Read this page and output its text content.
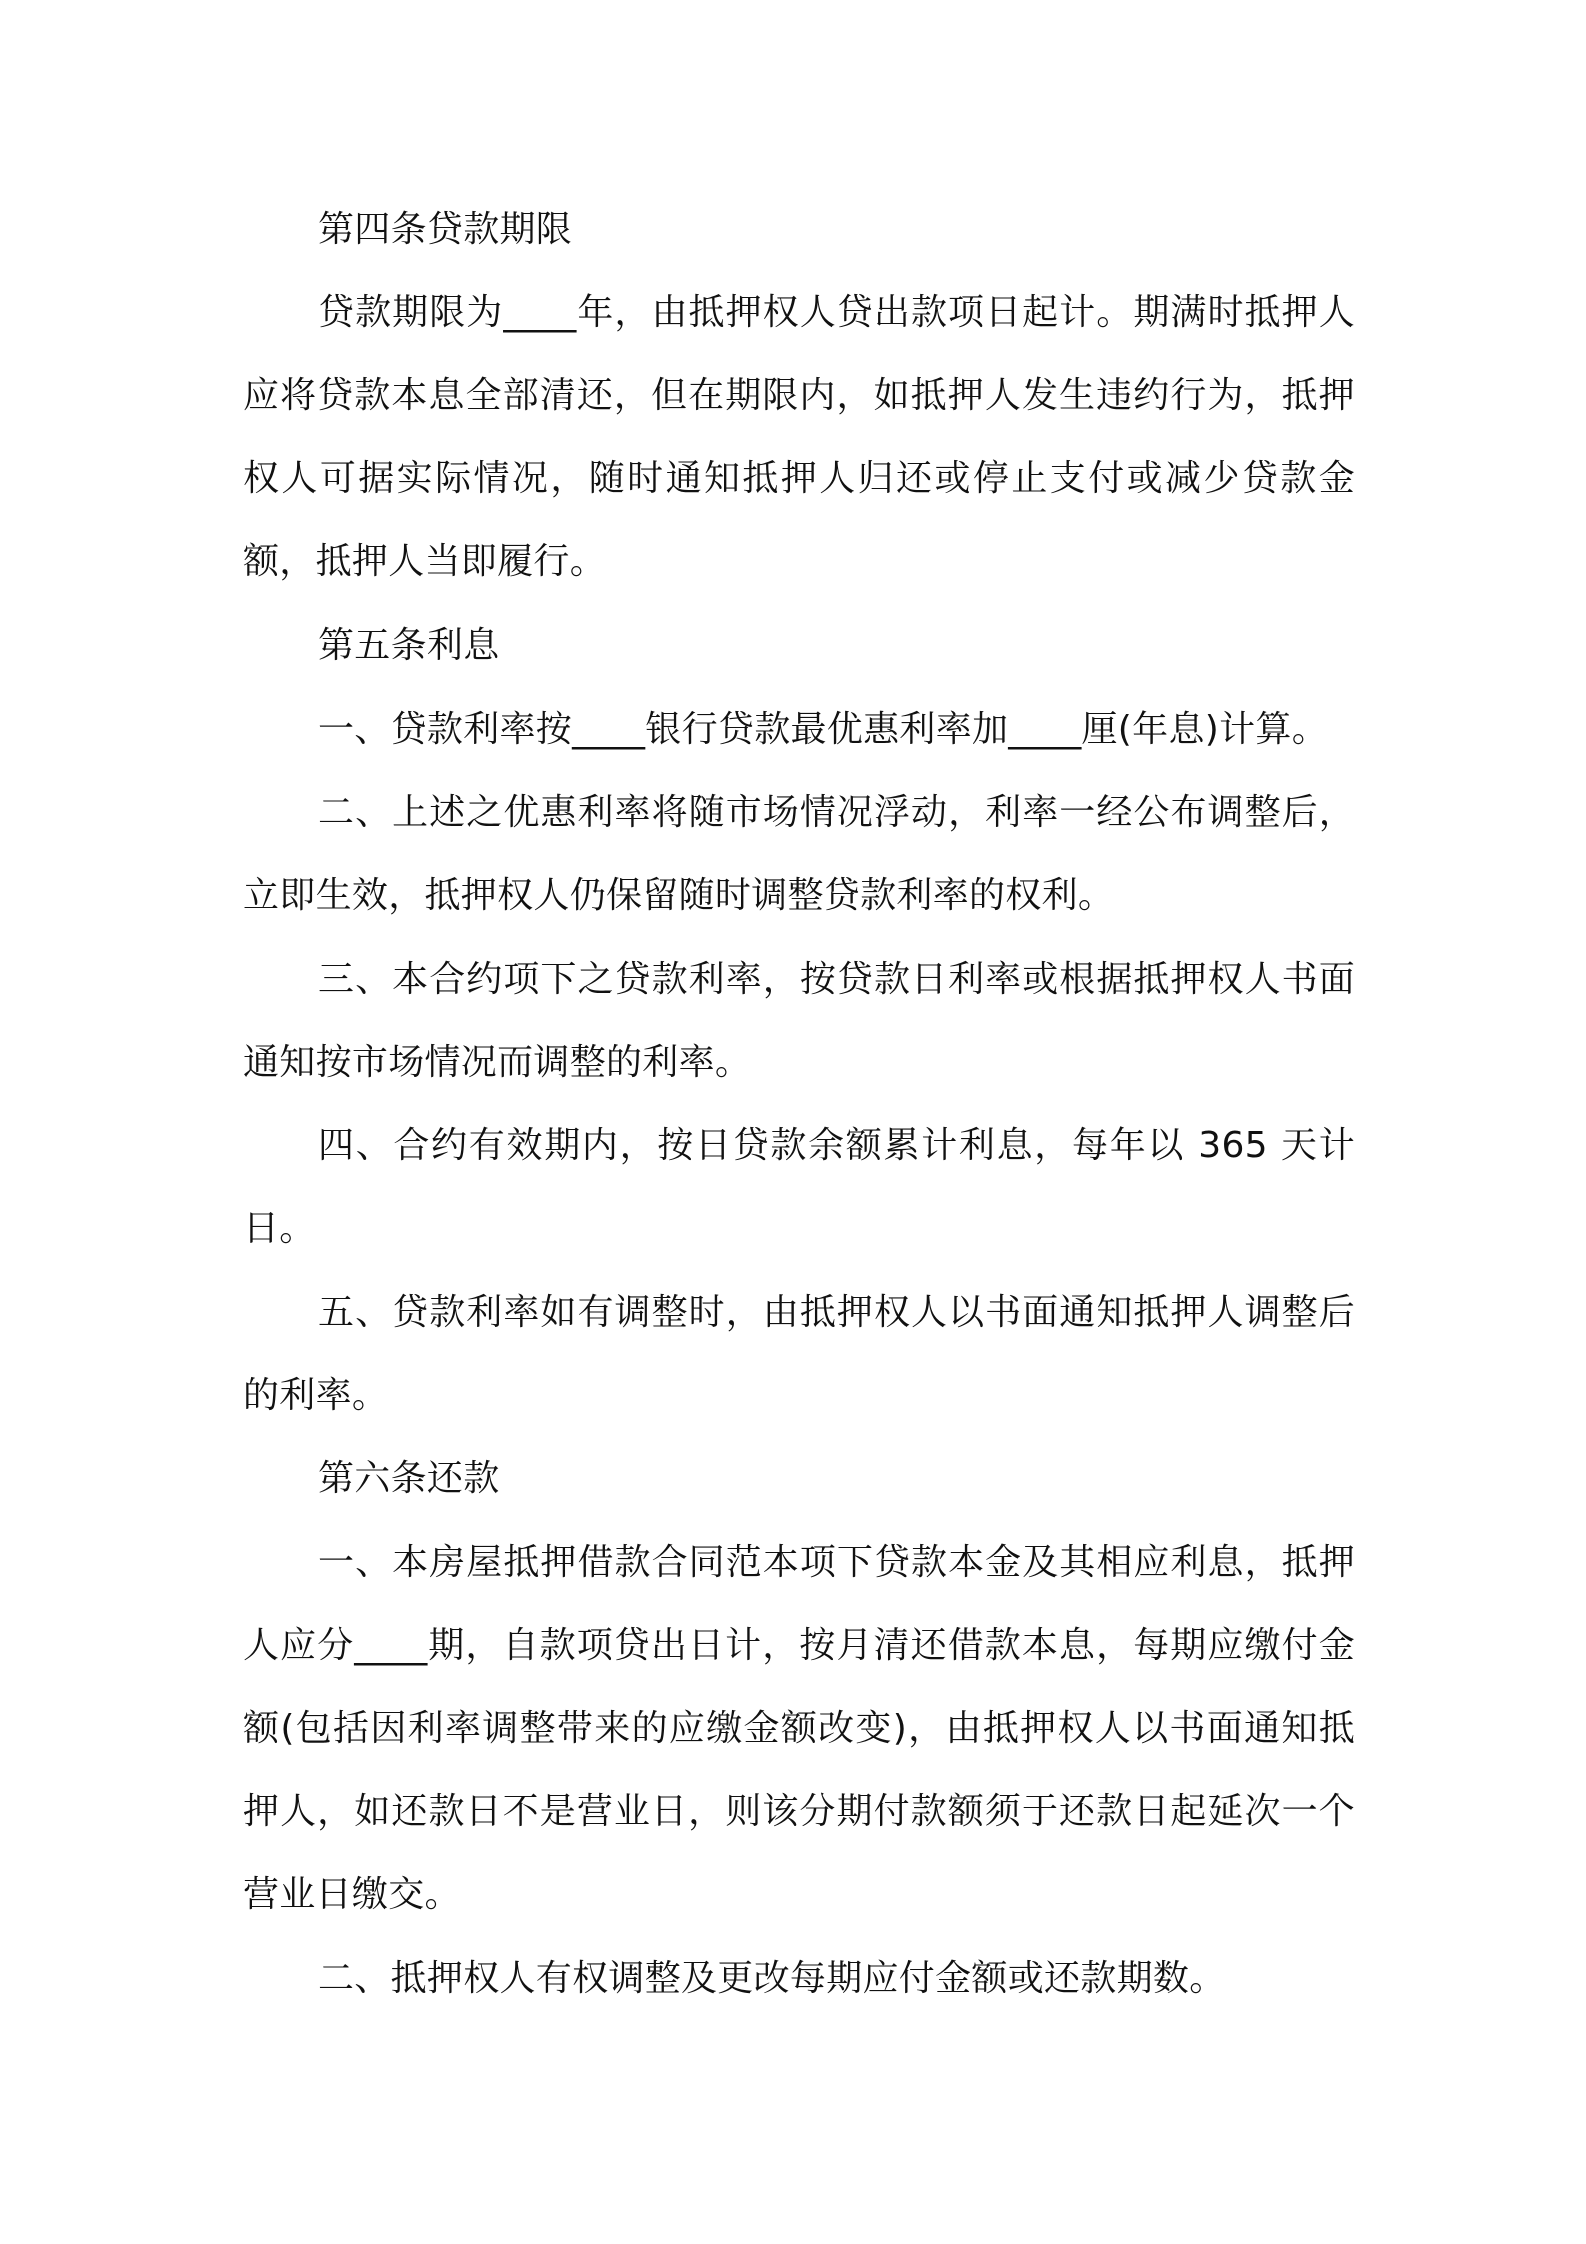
第四条贷款期限

贷款期限为____年，由抵押权人贷出款项日起计。期满时抵押人应将贷款本息全部清还，但在期限内，如抵押人发生违约行为，抵押权人可据实际情况，随时通知抵押人归还或停止支付或减少贷款金额，抵押人当即履行。

第五条利息

一、贷款利率按____银行贷款最优惠利率加____厘(年息)计算。

二、上述之优惠利率将随市场情况浮动，利率一经公布调整后，立即生效，抵押权人仍保留随时调整贷款利率的权利。

三、本合约项下之贷款利率，按贷款日利率或根据抵押权人书面通知按市场情况而调整的利率。

四、合约有效期内，按日贷款余额累计利息，每年以 365 天计日。

五、贷款利率如有调整时，由抵押权人以书面通知抵押人调整后的利率。

第六条还款

一、本房屋抵押借款合同范本项下贷款本金及其相应利息，抵押人应分____期，自款项贷出日计，按月清还借款本息，每期应缴付金额(包括因利率调整带来的应缴金额改变)，由抵押权人以书面通知抵押人，如还款日不是营业日，则该分期付款额须于还款日起延次一个营业日缴交。

二、抵押权人有权调整及更改每期应付金额或还款期数。
